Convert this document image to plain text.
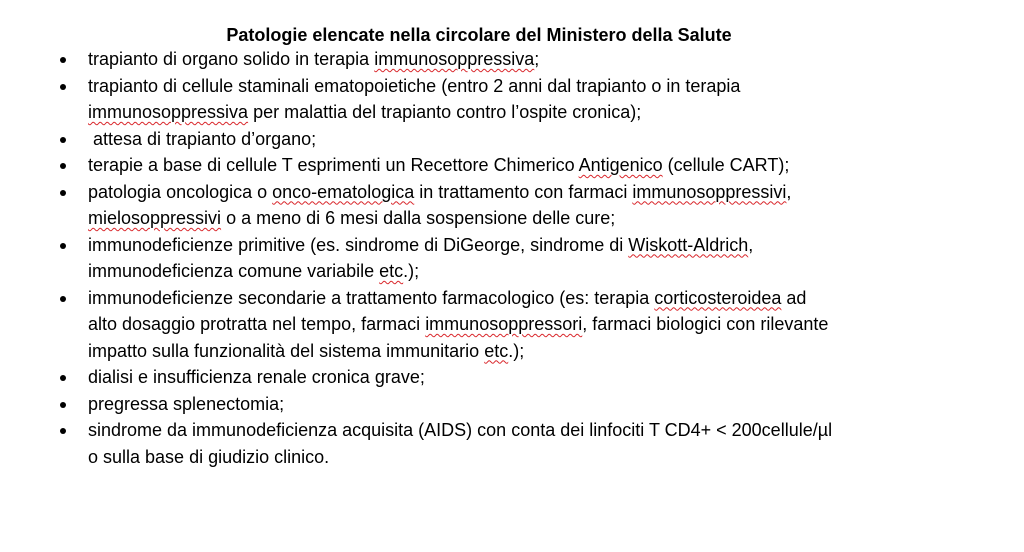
Patologie elencate nella circolare del Ministero della Salute
trapianto di organo solido in terapia immunosoppressiva;
trapianto di cellule staminali ematopoietiche (entro 2 anni dal trapianto o in terapia
immunosoppressiva per malattia del trapianto contro l’ospite cronica);
attesa di trapianto d’organo;
terapie a base di cellule T esprimenti un Recettore Chimerico Antigenico (cellule CART);
patologia oncologica o onco-ematologica in trattamento con farmaci immunosoppressivi,
mielosoppressivi o a meno di 6 mesi dalla sospensione delle cure;
immunodeficienze primitive (es. sindrome di DiGeorge, sindrome di Wiskott-Aldrich,
immunodeficienza comune variabile etc.);
immunodeficienze secondarie a trattamento farmacologico (es: terapia corticosteroidea ad
alto dosaggio protratta nel tempo, farmaci immunosoppressori, farmaci biologici con rilevante
impatto sulla funzionalità del sistema immunitario etc.);
dialisi e insufficienza renale cronica grave;
pregressa splenectomia;
sindrome da immunodeficienza acquisita (AIDS) con conta dei linfociti T CD4+ < 200cellule/µl
o sulla base di giudizio clinico.
